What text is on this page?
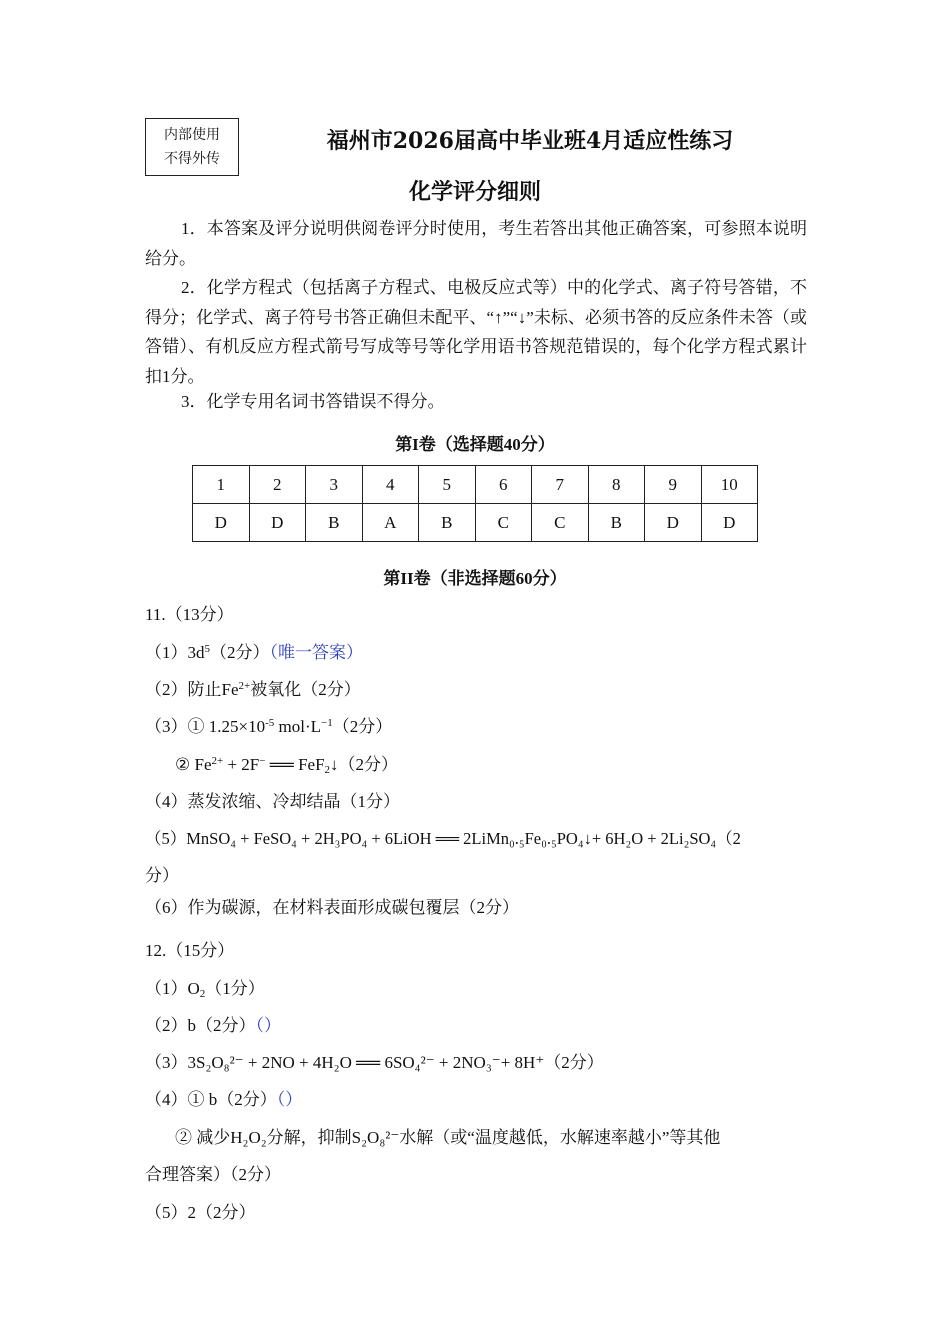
内部使用
不得外传
福州市2026届高中毕业班4月适应性练习
化学评分细则
1．本答案及评分说明供阅卷评分时使用，考生若答出其他正确答案，可参照本说明给分。
2．化学方程式（包括离子方程式、电极反应式等）中的化学式、离子符号答错，不得分；化学式、离子符号书答正确但未配平、“↑”“↓”未标、必须书答的反应条件未答（或答错）、有机反应方程式箭号写成等号等化学用语书答规范错误的，每个化学方程式累计扣1分。
3．化学专用名词书答错误不得分。
第I卷（选择题40分）
1	2	3	4	5	6	7	8	9	10
D	D	B	A	B	C	C	B	D	D
第II卷（非选择题60分）
11.（13分）
$(1)3d^5(2$分）（唯一答案）
（2）防止$Fe^{2+}$被氧化（2分）
（3）① $1.25\times 10^{-5}$ $mol\cdot L^{-1}(2$分）
② $Fe^{2+} + 2F^-$ ══ FeF$_2$↓（2分）
（4）蒸发浓缩、冷却结晶（1分）
（5）MnSO₄ + FeSO₄ + 2H₃PO₄ + 6LiOH ══ 2LiMn₀.₅Fe₀.₅PO₄↓+ 6H₂O + 2Li₂SO₄（2
分）
（6）作为碳源，在材料表面形成碳包覆层（2分）
12.（15分）
$(1)O_2(1$分）
（2）b（2分）（）
（3）3S₂O₈²⁻ + 2NO + 4H₂O ══ 6SO₄²⁻ + 2NO₃⁻+ 8H⁺（2分）
（4）① b（2分）（）
② 减少H₂O₂分解，抑制S₂O₈²⁻水解（或“温度越低，水解速率越小”等其他
合理答案）（2分）
（5）2（2分）
